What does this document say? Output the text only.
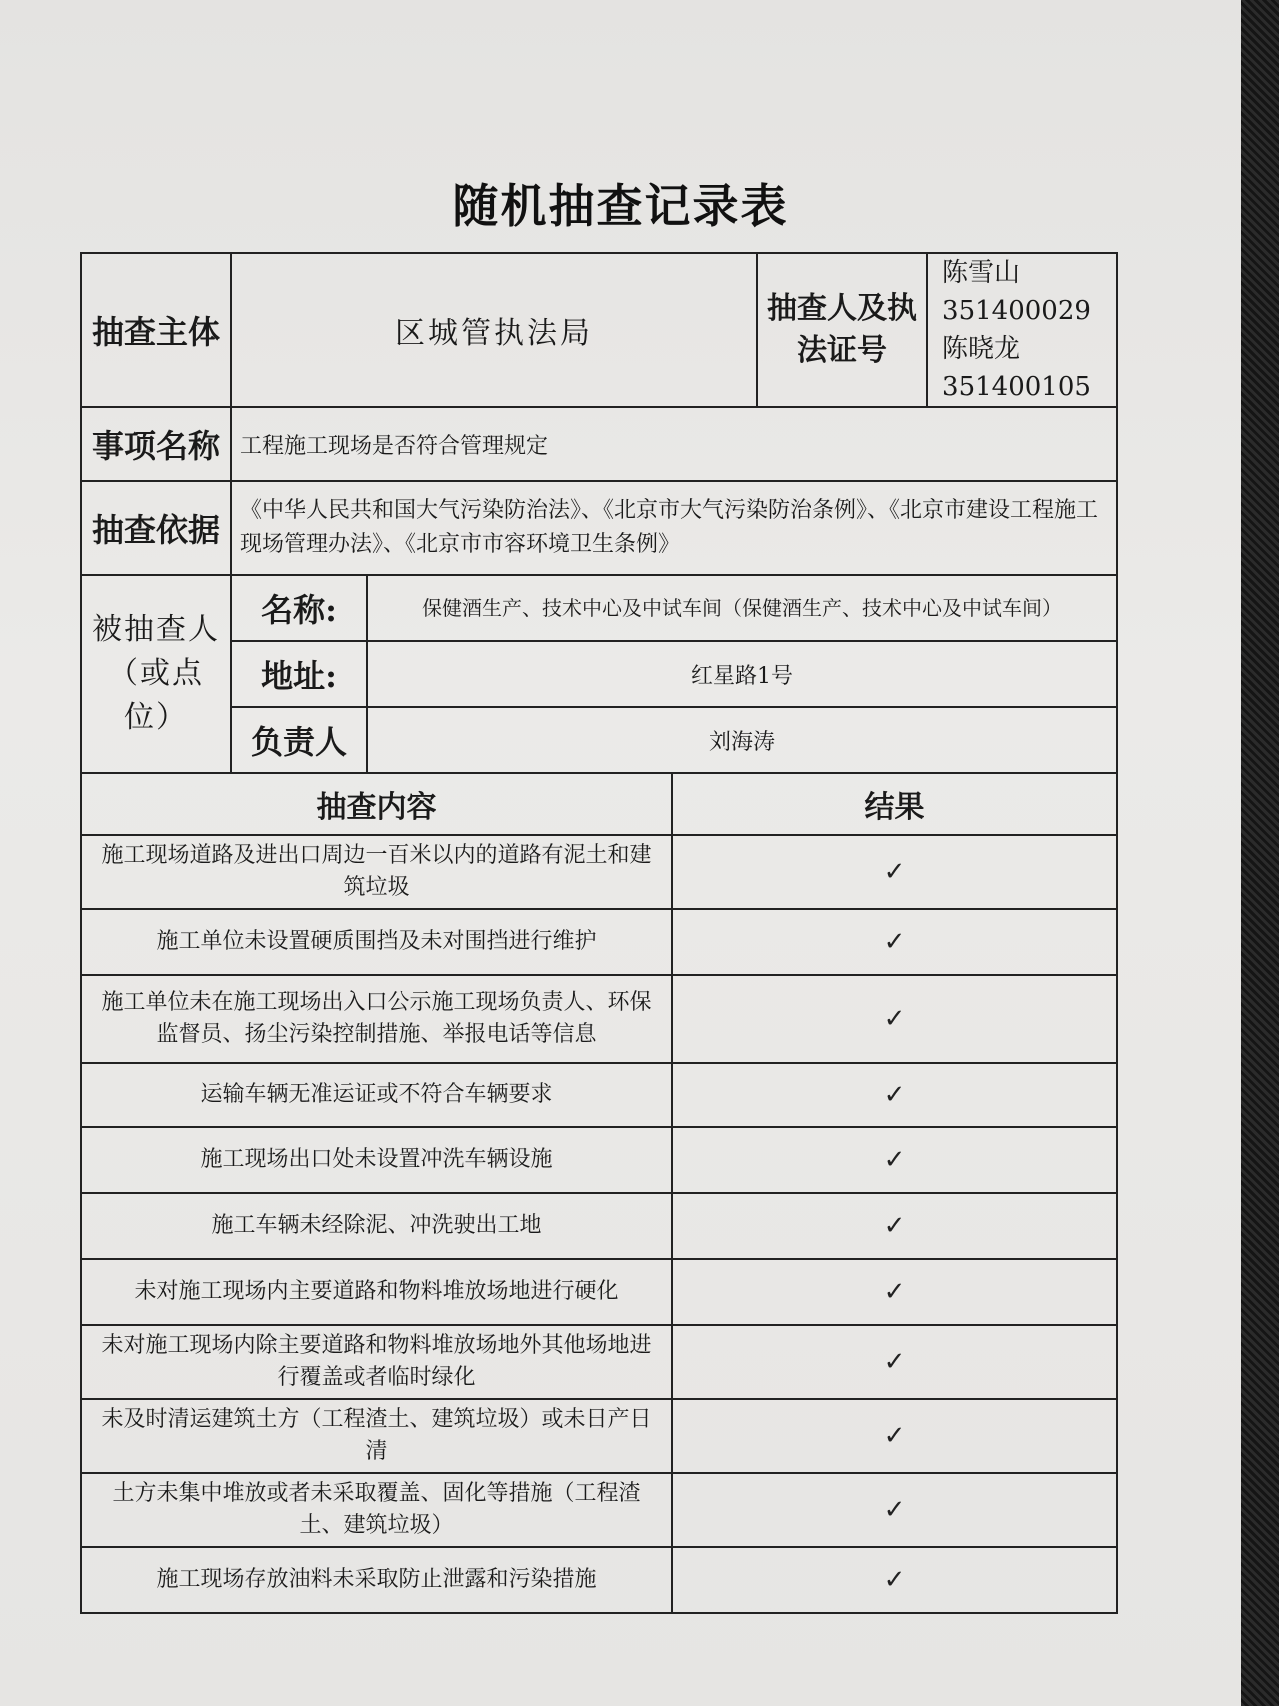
随机抽查记录表
抽查主体	区城管执法局			抽查人及执法证号	陈雪山351400029
陈晓龙351400105

事项名称	工程施工现场是否符合管理规定				
抽查依据	《中华人民共和国大气污染防治法》、《北京市大气污染防治条例》、《北京市建设工程施工现场管理办法》、《北京市市容环境卫生条例》				
被抽查人（或点位）	名称:	保健酒生产、技术中心及中试车间（保健酒生产、技术中心及中试车间）			
	地址:	红星路1号			
	负责人	刘海涛			
抽查内容			结果		
施工现场道路及进出口周边一百米以内的道路有泥土和建筑垃圾			✓		
施工单位未设置硬质围挡及未对围挡进行维护			✓		
施工单位未在施工现场出入口公示施工现场负责人、环保监督员、扬尘污染控制措施、举报电话等信息			✓		
运输车辆无准运证或不符合车辆要求			✓		
施工现场出口处未设置冲洗车辆设施			✓		
施工车辆未经除泥、冲洗驶出工地			✓		
未对施工现场内主要道路和物料堆放场地进行硬化			✓		
未对施工现场内除主要道路和物料堆放场地外其他场地进行覆盖或者临时绿化			✓		
未及时清运建筑土方（工程渣土、建筑垃圾）或未日产日清			✓		
土方未集中堆放或者未采取覆盖、固化等措施（工程渣土、建筑垃圾）			✓		
施工现场存放油料未采取防止泄露和污染措施			✓		
